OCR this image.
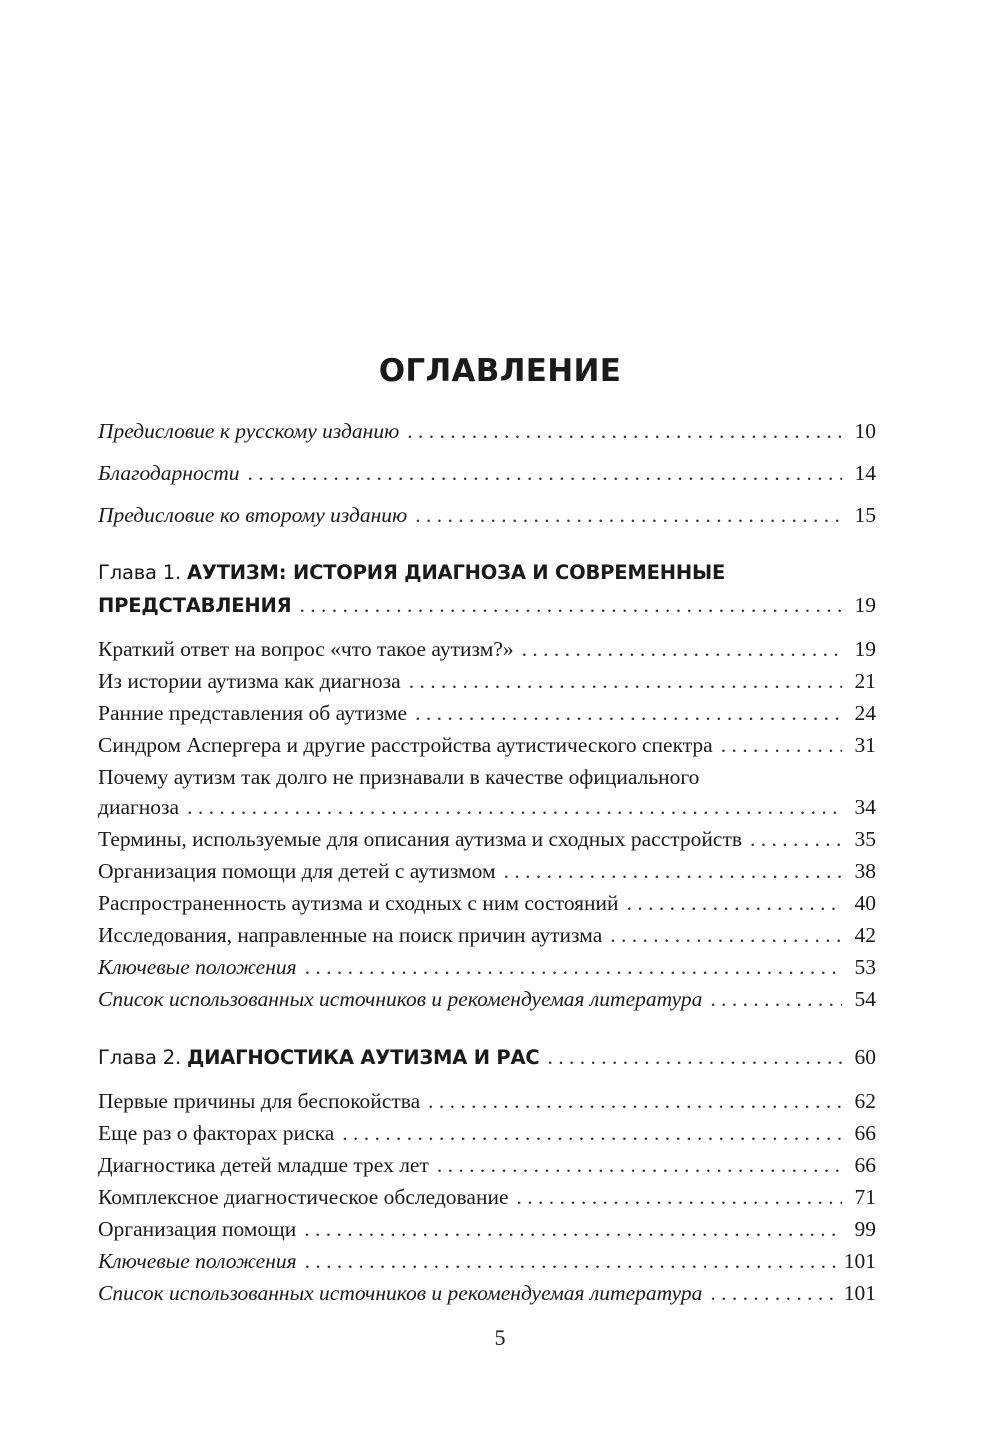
ОГЛАВЛЕНИЕ
Предисловие к русскому изданию . . .	10
Благодарности . . .	14
Предисловие ко второму изданию . . .	15
Глава 1. АУТИЗМ: ИСТОРИЯ ДИАГНОЗА И СОВРЕМЕННЫЕ
ПРЕДСТАВЛЕНИЯ . . .	19
Краткий ответ на вопрос «что такое аутизм?» . . .	19
Из истории аутизма как диагноза . . .	21
Ранние представления об аутизме . . .	24
Синдром Аспергера и другие расстройства аутистического спектра . . .	31
Почему аутизм так долго не признавали в качестве официального
диагноза . . .	34
Термины, используемые для описания аутизма и сходных расстройств . . .	35
Организация помощи для детей с аутизмом . . .	38
Распространенность аутизма и сходных с ним состояний . . .	40
Исследования, направленные на поиск причин аутизма . . .	42
Ключевые положения . . .	53
Список использованных источников и рекомендуемая литература . . .	54
Глава 2. ДИАГНОСТИКА АУТИЗМА И РАС . . .	60
Первые причины для беспокойства . . .	62
Еще раз о факторах риска . . .	66
Диагностика детей младше трех лет . . .	66
Комплексное диагностическое обследование . . .	71
Организация помощи . . .	99
Ключевые положения . . .	101
Список использованных источников и рекомендуемая литература . . .	101
5
